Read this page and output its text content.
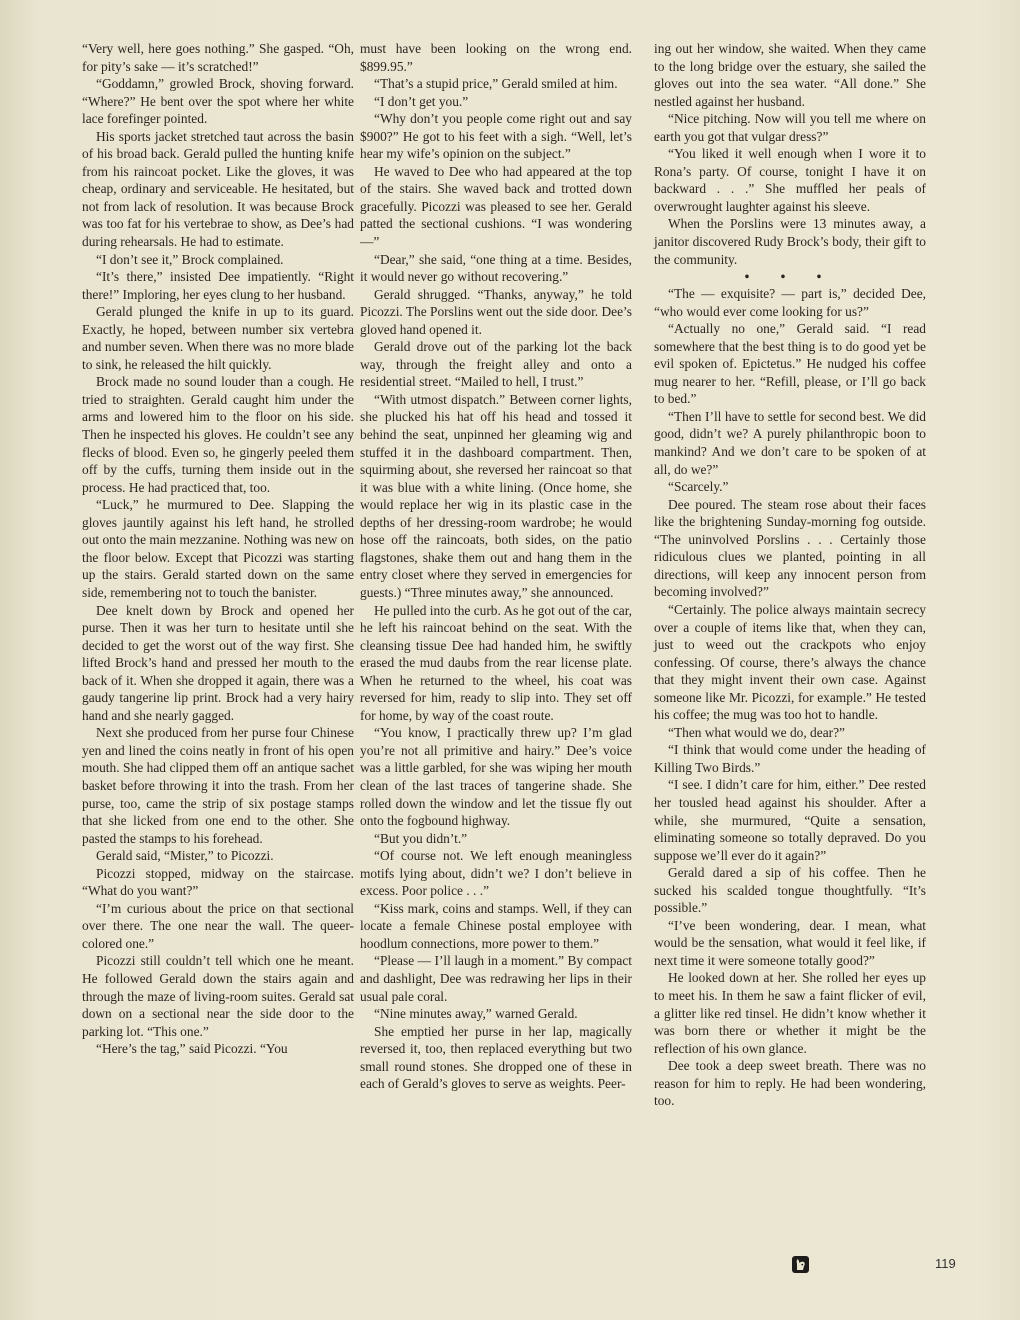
“Very well, here goes nothing.” She gasped. “Oh, for pity’s sake — it’s scratched!”

“Goddamn,” growled Brock, shoving forward. “Where?” He bent over the spot where her white lace forefinger pointed.

His sports jacket stretched taut across the basin of his broad back. Gerald pulled the hunting knife from his raincoat pocket. Like the gloves, it was cheap, ordinary and serviceable. He hesitated, but not from lack of resolution. It was because Brock was too fat for his vertebrae to show, as Dee’s had during rehearsals. He had to estimate.

“I don’t see it,” Brock complained.

“It’s there,” insisted Dee impatiently. “Right there!” Imploring, her eyes clung to her husband.

Gerald plunged the knife in up to its guard. Exactly, he hoped, between number six vertebra and number seven. When there was no more blade to sink, he released the hilt quickly.

Brock made no sound louder than a cough. He tried to straighten. Gerald caught him under the arms and lowered him to the floor on his side. Then he inspected his gloves. He couldn’t see any flecks of blood. Even so, he gingerly peeled them off by the cuffs, turning them inside out in the process. He had practiced that, too.

“Luck,” he murmured to Dee. Slapping the gloves jauntily against his left hand, he strolled out onto the main mezzanine. Nothing was new on the floor below. Except that Picozzi was starting up the stairs. Gerald started down on the same side, remembering not to touch the banister.

Dee knelt down by Brock and opened her purse. Then it was her turn to hesitate until she decided to get the worst out of the way first. She lifted Brock’s hand and pressed her mouth to the back of it. When she dropped it again, there was a gaudy tangerine lip print. Brock had a very hairy hand and she nearly gagged.

Next she produced from her purse four Chinese yen and lined the coins neatly in front of his open mouth. She had clipped them off an antique sachet basket before throwing it into the trash. From her purse, too, came the strip of six postage stamps that she licked from one end to the other. She pasted the stamps to his forehead.

Gerald said, “Mister,” to Picozzi.

Picozzi stopped, midway on the staircase. “What do you want?”

“I’m curious about the price on that sectional over there. The one near the wall. The queer-colored one.”

Picozzi still couldn’t tell which one he meant. He followed Gerald down the stairs again and through the maze of living-room suites. Gerald sat down on a sectional near the side door to the parking lot. “This one.”

“Here’s the tag,” said Picozzi. “You

must have been looking on the wrong end. $899.95.”

“That’s a stupid price,” Gerald smiled at him.

“I don’t get you.”

“Why don’t you people come right out and say $900?” He got to his feet with a sigh. “Well, let’s hear my wife’s opinion on the subject.”

He waved to Dee who had appeared at the top of the stairs. She waved back and trotted down gracefully. Picozzi was pleased to see her. Gerald patted the sectional cushions. “I was wondering —”

“Dear,” she said, “one thing at a time. Besides, it would never go without recovering.”

Gerald shrugged. “Thanks, anyway,” he told Picozzi. The Porslins went out the side door. Dee’s gloved hand opened it.

Gerald drove out of the parking lot the back way, through the freight alley and onto a residential street. “Mailed to hell, I trust.”

“With utmost dispatch.” Between corner lights, she plucked his hat off his head and tossed it behind the seat, unpinned her gleaming wig and stuffed it in the dashboard compartment. Then, squirming about, she reversed her raincoat so that it was blue with a white lining. (Once home, she would replace her wig in its plastic case in the depths of her dressing-room wardrobe; he would hose off the raincoats, both sides, on the patio flagstones, shake them out and hang them in the entry closet where they served in emergencies for guests.) “Three minutes away,” she announced.

He pulled into the curb. As he got out of the car, he left his raincoat behind on the seat. With the cleansing tissue Dee had handed him, he swiftly erased the mud daubs from the rear license plate. When he returned to the wheel, his coat was reversed for him, ready to slip into. They set off for home, by way of the coast route.

“You know, I practically threw up? I’m glad you’re not all primitive and hairy.” Dee’s voice was a little garbled, for she was wiping her mouth clean of the last traces of tangerine shade. She rolled down the window and let the tissue fly out onto the fogbound highway.

“But you didn’t.”

“Of course not. We left enough meaningless motifs lying about, didn’t we? I don’t believe in excess. Poor police . . .”

“Kiss mark, coins and stamps. Well, if they can locate a female Chinese postal employee with hoodlum connections, more power to them.”

“Please — I’ll laugh in a moment.” By compact and dashlight, Dee was redrawing her lips in their usual pale coral.

“Nine minutes away,” warned Gerald.

She emptied her purse in her lap, magically reversed it, too, then replaced everything but two small round stones. She dropped one of these in each of Gerald’s gloves to serve as weights. Peer-

ing out her window, she waited. When they came to the long bridge over the estuary, she sailed the gloves out into the sea water. “All done.” She nestled against her husband.

“Nice pitching. Now will you tell me where on earth you got that vulgar dress?”

“You liked it well enough when I wore it to Rona’s party. Of course, tonight I have it on backward . . .” She muffled her peals of overwrought laughter against his sleeve.

When the Porslins were 13 minutes away, a janitor discovered Rudy Brock’s body, their gift to the community.

• • •

“The — exquisite? — part is,” decided Dee, “who would ever come looking for us?”

“Actually no one,” Gerald said. “I read somewhere that the best thing is to do good yet be evil spoken of. Epictetus.” He nudged his coffee mug nearer to her. “Refill, please, or I’ll go back to bed.”

“Then I’ll have to settle for second best. We did good, didn’t we? A purely philanthropic boon to mankind? And we don’t care to be spoken of at all, do we?”

“Scarcely.”

Dee poured. The steam rose about their faces like the brightening Sunday-morning fog outside. “The uninvolved Porslins . . . Certainly those ridiculous clues we planted, pointing in all directions, will keep any innocent person from becoming involved?”

“Certainly. The police always maintain secrecy over a couple of items like that, when they can, just to weed out the crackpots who enjoy confessing. Of course, there’s always the chance that they might invent their own case. Against someone like Mr. Picozzi, for example.” He tested his coffee; the mug was too hot to handle.

“Then what would we do, dear?”

“I think that would come under the heading of Killing Two Birds.”

“I see. I didn’t care for him, either.” Dee rested her tousled head against his shoulder. After a while, she murmured, “Quite a sensation, eliminating someone so totally depraved. Do you suppose we’ll ever do it again?”

Gerald dared a sip of his coffee. Then he sucked his scalded tongue thoughtfully. “It’s possible.”

“I’ve been wondering, dear. I mean, what would be the sensation, what would it feel like, if next time it were someone totally good?”

He looked down at her. She rolled her eyes up to meet his. In them he saw a faint flicker of evil, a glitter like red tinsel. He didn’t know whether it was born there or whether it might be the reflection of his own glance.

Dee took a deep sweet breath. There was no reason for him to reply. He had been wondering, too.

119
